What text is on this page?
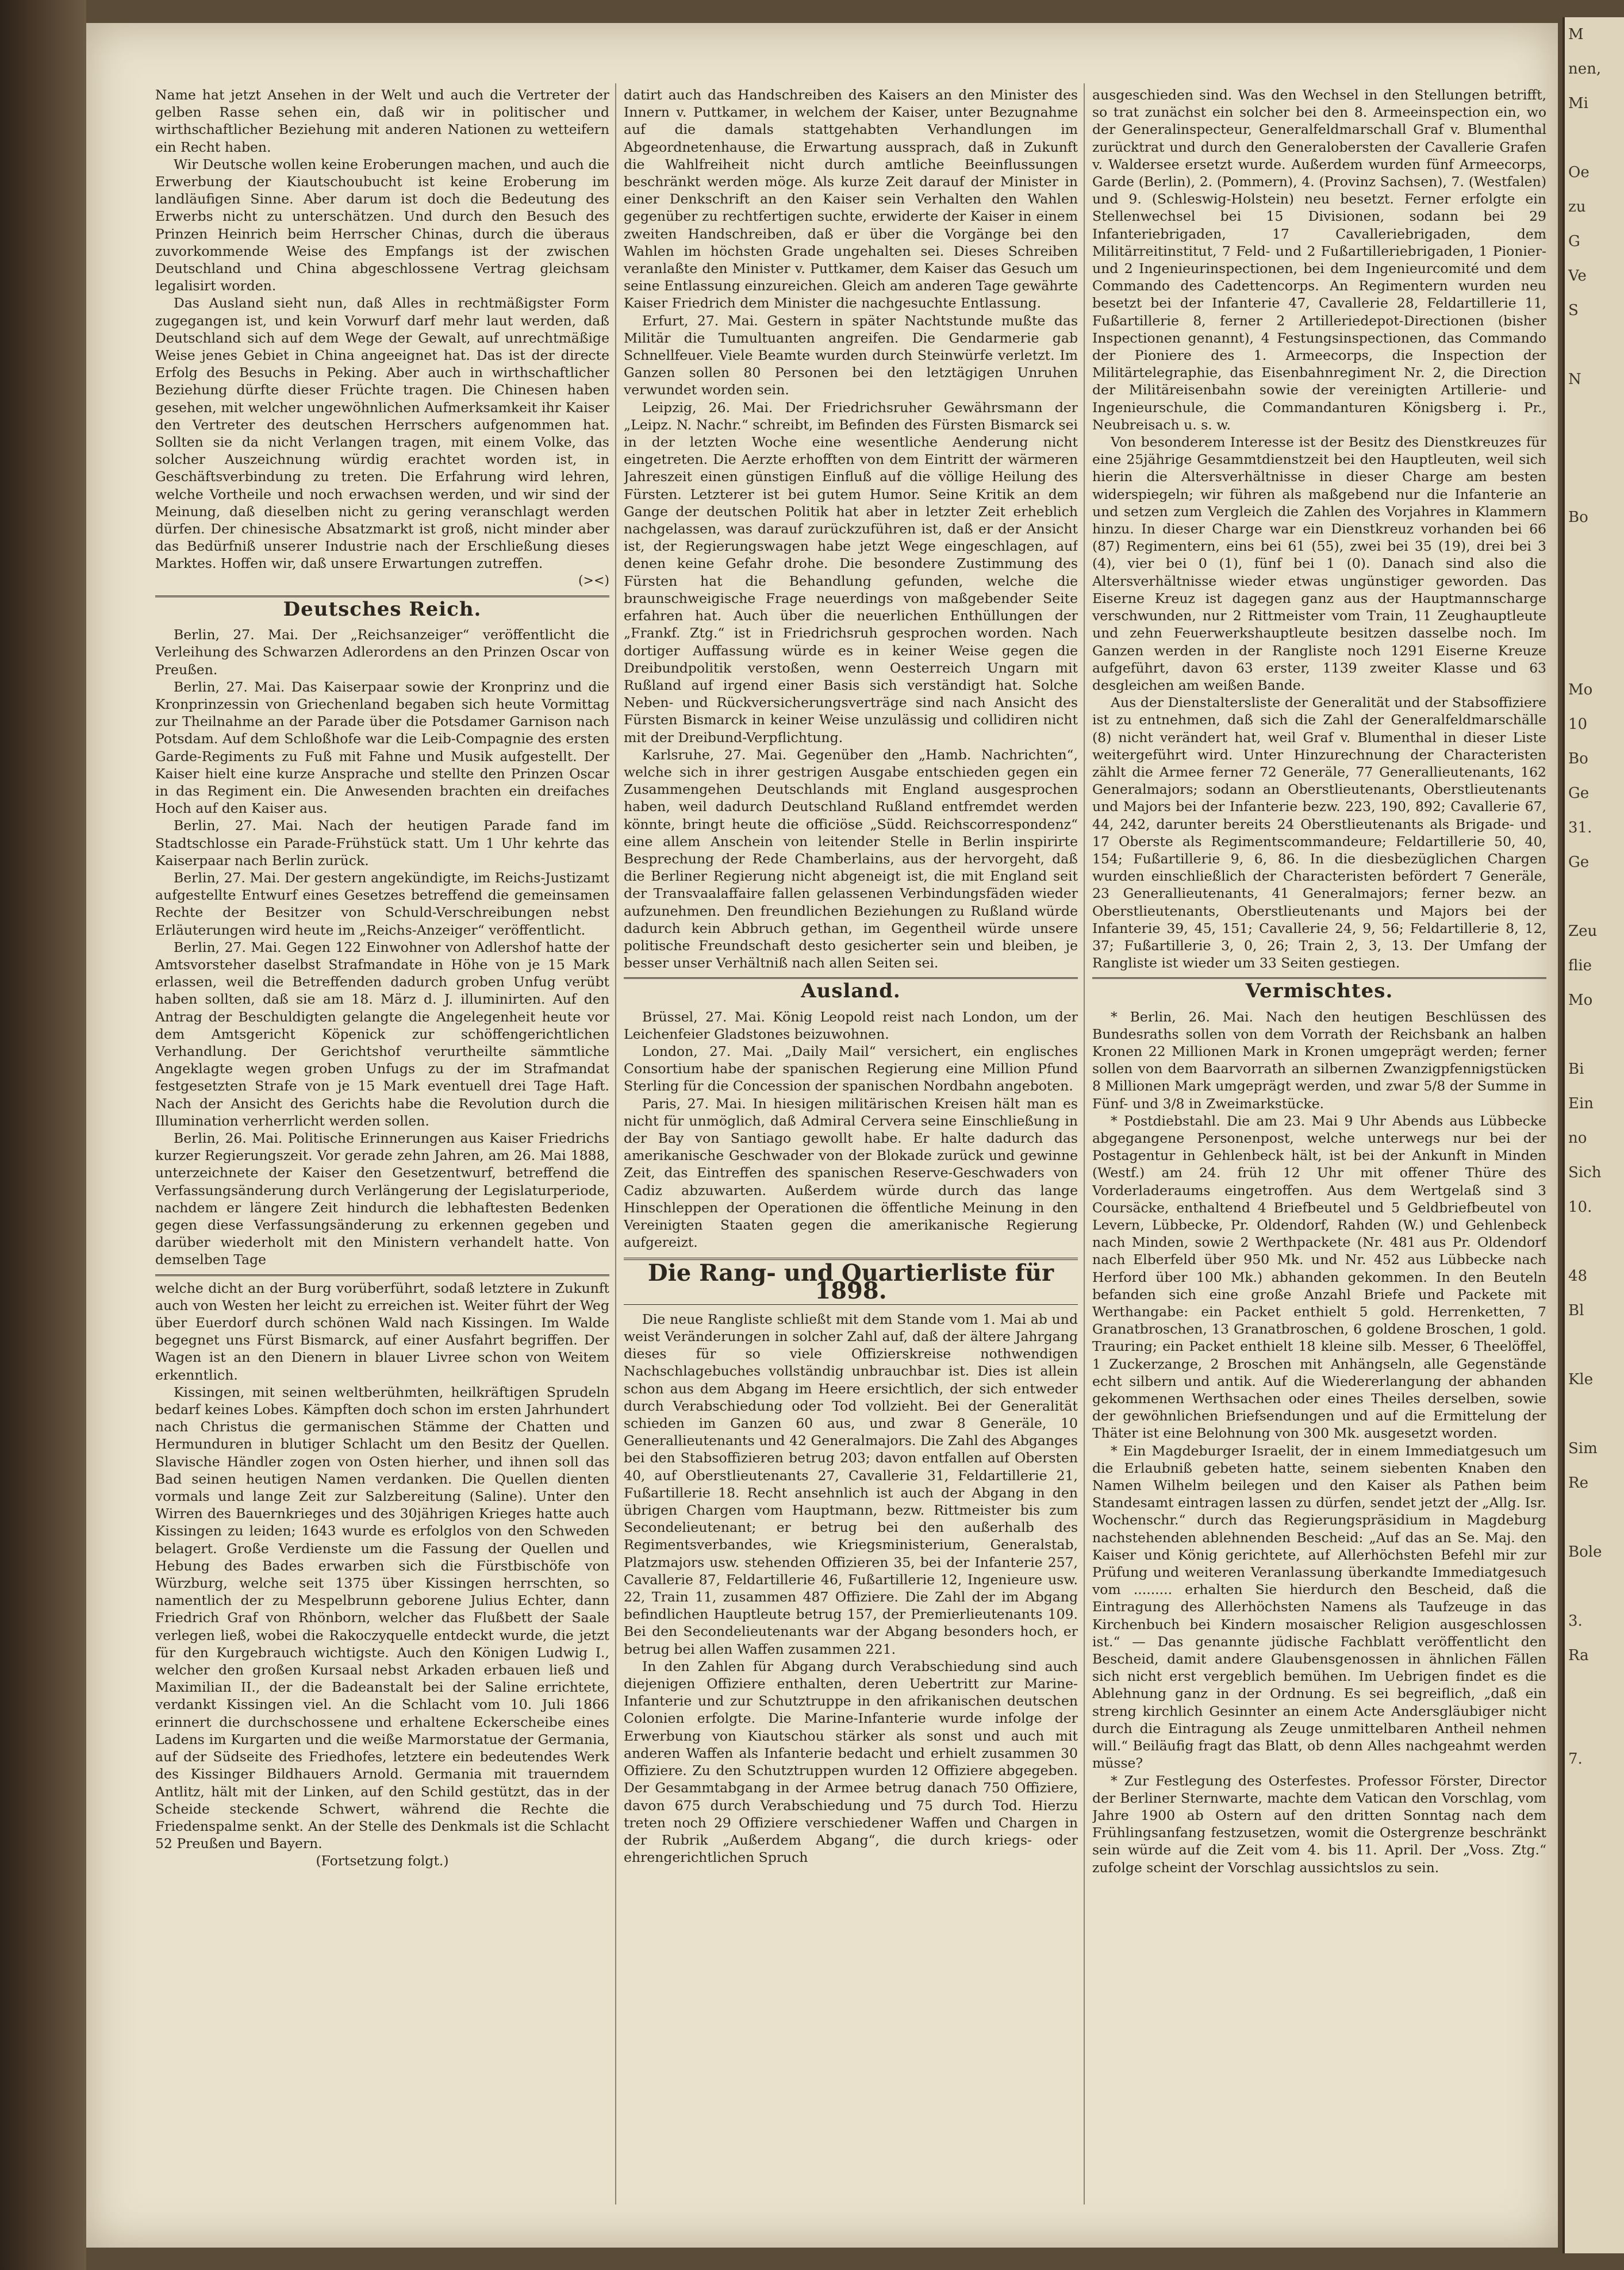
Name hat jetzt Ansehen in der Welt und auch die Vertreter der gelben Rasse sehen ein, daß wir in politischer und wirthschaftlicher Beziehung mit anderen Nationen zu wetteifern ein Recht haben.

Wir Deutsche wollen keine Eroberungen machen, und auch die Erwerbung der Kiautschoubucht ist keine Eroberung im landläufigen Sinne. Aber darum ist doch die Bedeutung des Erwerbs nicht zu unterschätzen. Und durch den Besuch des Prinzen Heinrich beim Herrscher Chinas, durch die überaus zuvorkommende Weise des Empfangs ist der zwischen Deutschland und China abgeschlossene Vertrag gleichsam legalisirt worden.

Das Ausland sieht nun, daß Alles in rechtmäßigster Form zugegangen ist, und kein Vorwurf darf mehr laut werden, daß Deutschland sich auf dem Wege der Gewalt, auf unrechtmäßige Weise jenes Gebiet in China angeeignet hat. Das ist der directe Erfolg des Besuchs in Peking. Aber auch in wirthschaftlicher Beziehung dürfte dieser Früchte tragen. Die Chinesen haben gesehen, mit welcher ungewöhnlichen Aufmerksamkeit ihr Kaiser den Vertreter des deutschen Herrschers aufgenommen hat. Sollten sie da nicht Verlangen tragen, mit einem Volke, das solcher Auszeichnung würdig erachtet worden ist, in Geschäftsverbindung zu treten. Die Erfahrung wird lehren, welche Vortheile und noch erwachsen werden, und wir sind der Meinung, daß dieselben nicht zu gering veranschlagt werden dürfen. Der chinesische Absatzmarkt ist groß, nicht minder aber das Bedürfniß unserer Industrie nach der Erschließung dieses Marktes. Hoffen wir, daß unsere Erwartungen zutreffen.

(><)
Deutsches Reich.

Berlin, 27. Mai. Der „Reichsanzeiger“ veröffentlicht die Verleihung des Schwarzen Adlerordens an den Prinzen Oscar von Preußen.

Berlin, 27. Mai. Das Kaiserpaar sowie der Kronprinz und die Kronprinzessin von Griechenland begaben sich heute Vormittag zur Theilnahme an der Parade über die Potsdamer Garnison nach Potsdam. Auf dem Schloßhofe war die Leib-Compagnie des ersten Garde-Regiments zu Fuß mit Fahne und Musik aufgestellt. Der Kaiser hielt eine kurze Ansprache und stellte den Prinzen Oscar in das Regiment ein. Die Anwesenden brachten ein dreifaches Hoch auf den Kaiser aus.

Berlin, 27. Mai. Nach der heutigen Parade fand im Stadtschlosse ein Parade-Frühstück statt. Um 1 Uhr kehrte das Kaiserpaar nach Berlin zurück.

Berlin, 27. Mai. Der gestern angekündigte, im Reichs-Justizamt aufgestellte Entwurf eines Gesetzes betreffend die gemeinsamen Rechte der Besitzer von Schuld-Verschreibungen nebst Erläuterungen wird heute im „Reichs-Anzeiger“ veröffentlicht.

Berlin, 27. Mai. Gegen 122 Einwohner von Adlershof hatte der Amtsvorsteher daselbst Strafmandate in Höhe von je 15 Mark erlassen, weil die Betreffenden dadurch groben Unfug verübt haben sollten, daß sie am 18. März d. J. illuminirten. Auf den Antrag der Beschuldigten gelangte die Angelegenheit heute vor dem Amtsgericht Köpenick zur schöffengerichtlichen Verhandlung. Der Gerichtshof verurtheilte sämmtliche Angeklagte wegen groben Unfugs zu der im Strafmandat festgesetzten Strafe von je 15 Mark eventuell drei Tage Haft. Nach der Ansicht des Gerichts habe die Revolution durch die Illumination verherrlicht werden sollen.

Berlin, 26. Mai. Politische Erinnerungen aus Kaiser Friedrichs kurzer Regierungszeit. Vor gerade zehn Jahren, am 26. Mai 1888, unterzeichnete der Kaiser den Gesetzentwurf, betreffend die Verfassungsänderung durch Verlängerung der Legislaturperiode, nachdem er längere Zeit hindurch die lebhaftesten Bedenken gegen diese Verfassungsänderung zu erkennen gegeben und darüber wiederholt mit den Ministern verhandelt hatte. Von demselben Tage

welche dicht an der Burg vorüberführt, sodaß letztere in Zukunft auch von Westen her leicht zu erreichen ist. Weiter führt der Weg über Euerdorf durch schönen Wald nach Kissingen. Im Walde begegnet uns Fürst Bismarck, auf einer Ausfahrt begriffen. Der Wagen ist an den Dienern in blauer Livree schon von Weitem erkenntlich.

Kissingen, mit seinen weltberühmten, heilkräftigen Sprudeln bedarf keines Lobes. Kämpften doch schon im ersten Jahrhundert nach Christus die germanischen Stämme der Chatten und Hermunduren in blutiger Schlacht um den Besitz der Quellen. Slavische Händler zogen von Osten hierher, und ihnen soll das Bad seinen heutigen Namen verdanken. Die Quellen dienten vormals und lange Zeit zur Salzbereitung (Saline). Unter den Wirren des Bauernkrieges und des 30jährigen Krieges hatte auch Kissingen zu leiden; 1643 wurde es erfolglos von den Schweden belagert. Große Verdienste um die Fassung der Quellen und Hebung des Bades erwarben sich die Fürstbischöfe von Würzburg, welche seit 1375 über Kissingen herrschten, so namentlich der zu Mespelbrunn geborene Julius Echter, dann Friedrich Graf von Rhönborn, welcher das Flußbett der Saale verlegen ließ, wobei die Rakoczyquelle entdeckt wurde, die jetzt für den Kurgebrauch wichtigste. Auch den Königen Ludwig I., welcher den großen Kursaal nebst Arkaden erbauen ließ und Maximilian II., der die Badeanstalt bei der Saline errichtete, verdankt Kissingen viel. An die Schlacht vom 10. Juli 1866 erinnert die durchschossene und erhaltene Eckerscheibe eines Ladens im Kurgarten und die weiße Marmorstatue der Germania, auf der Südseite des Friedhofes, letztere ein bedeutendes Werk des Kissinger Bildhauers Arnold. Germania mit trauerndem Antlitz, hält mit der Linken, auf den Schild gestützt, das in der Scheide steckende Schwert, während die Rechte die Friedenspalme senkt. An der Stelle des Denkmals ist die Schlacht 52 Preußen und Bayern.

(Fortsetzung folgt.)

datirt auch das Handschreiben des Kaisers an den Minister des Innern v. Puttkamer, in welchem der Kaiser, unter Bezugnahme auf die damals stattgehabten Verhandlungen im Abgeordnetenhause, die Erwartung aussprach, daß in Zukunft die Wahlfreiheit nicht durch amtliche Beeinflussungen beschränkt werden möge. Als kurze Zeit darauf der Minister in einer Denkschrift an den Kaiser sein Verhalten den Wahlen gegenüber zu rechtfertigen suchte, erwiderte der Kaiser in einem zweiten Handschreiben, daß er über die Vorgänge bei den Wahlen im höchsten Grade ungehalten sei. Dieses Schreiben veranlaßte den Minister v. Puttkamer, dem Kaiser das Gesuch um seine Entlassung einzureichen. Gleich am anderen Tage gewährte Kaiser Friedrich dem Minister die nachgesuchte Entlassung.

Erfurt, 27. Mai. Gestern in später Nachtstunde mußte das Militär die Tumultuanten angreifen. Die Gendarmerie gab Schnellfeuer. Viele Beamte wurden durch Steinwürfe verletzt. Im Ganzen sollen 80 Personen bei den letztägigen Unruhen verwundet worden sein.

Leipzig, 26. Mai. Der Friedrichsruher Gewährsmann der „Leipz. N. Nachr.“ schreibt, im Befinden des Fürsten Bismarck sei in der letzten Woche eine wesentliche Aenderung nicht eingetreten. Die Aerzte erhofften von dem Eintritt der wärmeren Jahreszeit einen günstigen Einfluß auf die völlige Heilung des Fürsten. Letzterer ist bei gutem Humor. Seine Kritik an dem Gange der deutschen Politik hat aber in letzter Zeit erheblich nachgelassen, was darauf zurückzuführen ist, daß er der Ansicht ist, der Regierungswagen habe jetzt Wege eingeschlagen, auf denen keine Gefahr drohe. Die besondere Zustimmung des Fürsten hat die Behandlung gefunden, welche die braunschweigische Frage neuerdings von maßgebender Seite erfahren hat. Auch über die neuerlichen Enthüllungen der „Frankf. Ztg.“ ist in Friedrichsruh gesprochen worden. Nach dortiger Auffassung würde es in keiner Weise gegen die Dreibundpolitik verstoßen, wenn Oesterreich Ungarn mit Rußland auf irgend einer Basis sich verständigt hat. Solche Neben- und Rückversicherungsverträge sind nach Ansicht des Fürsten Bismarck in keiner Weise unzulässig und collidiren nicht mit der Dreibund-Verpflichtung.

Karlsruhe, 27. Mai. Gegenüber den „Hamb. Nachrichten“, welche sich in ihrer gestrigen Ausgabe entschieden gegen ein Zusammengehen Deutschlands mit England ausgesprochen haben, weil dadurch Deutschland Rußland entfremdet werden könnte, bringt heute die officiöse „Südd. Reichscorrespondenz“ eine allem Anschein von leitender Stelle in Berlin inspirirte Besprechung der Rede Chamberlains, aus der hervorgeht, daß die Berliner Regierung nicht abgeneigt ist, die mit England seit der Transvaalaffaire fallen gelassenen Verbindungsfäden wieder aufzunehmen. Den freundlichen Beziehungen zu Rußland würde dadurch kein Abbruch gethan, im Gegentheil würde unsere politische Freundschaft desto gesicherter sein und bleiben, je besser unser Verhältniß nach allen Seiten sei.

Ausland.

Brüssel, 27. Mai. König Leopold reist nach London, um der Leichenfeier Gladstones beizuwohnen.

London, 27. Mai. „Daily Mail“ versichert, ein englisches Consortium habe der spanischen Regierung eine Million Pfund Sterling für die Concession der spanischen Nordbahn angeboten.

Paris, 27. Mai. In hiesigen militärischen Kreisen hält man es nicht für unmöglich, daß Admiral Cervera seine Einschließung in der Bay von Santiago gewollt habe. Er halte dadurch das amerikanische Geschwader von der Blokade zurück und gewinne Zeit, das Eintreffen des spanischen Reserve-Geschwaders von Cadiz abzuwarten. Außerdem würde durch das lange Hinschleppen der Operationen die öffentliche Meinung in den Vereinigten Staaten gegen die amerikanische Regierung aufgereizt.

Die Rang- und Quartierliste für 1898.

Die neue Rangliste schließt mit dem Stande vom 1. Mai ab und weist Veränderungen in solcher Zahl auf, daß der ältere Jahrgang dieses für so viele Offizierskreise nothwendigen Nachschlagebuches vollständig unbrauchbar ist. Dies ist allein schon aus dem Abgang im Heere ersichtlich, der sich entweder durch Verabschiedung oder Tod vollzieht. Bei der Generalität schieden im Ganzen 60 aus, und zwar 8 Generäle, 10 Generallieutenants und 42 Generalmajors. Die Zahl des Abganges bei den Stabsoffizieren betrug 203; davon entfallen auf Obersten 40, auf Oberstlieutenants 27, Cavallerie 31, Feldartillerie 21, Fußartillerie 18. Recht ansehnlich ist auch der Abgang in den übrigen Chargen vom Hauptmann, bezw. Rittmeister bis zum Secondelieutenant; er betrug bei den außerhalb des Regimentsverbandes, wie Kriegsministerium, Generalstab, Platzmajors usw. stehenden Offizieren 35, bei der Infanterie 257, Cavallerie 87, Feldartillerie 46, Fußartillerie 12, Ingenieure usw. 22, Train 11, zusammen 487 Offiziere. Die Zahl der im Abgang befindlichen Hauptleute betrug 157, der Premierlieutenants 109. Bei den Secondelieutenants war der Abgang besonders hoch, er betrug bei allen Waffen zusammen 221.

In den Zahlen für Abgang durch Verabschiedung sind auch diejenigen Offiziere enthalten, deren Uebertritt zur Marine-Infanterie und zur Schutztruppe in den afrikanischen deutschen Colonien erfolgte. Die Marine-Infanterie wurde infolge der Erwerbung von Kiautschou stärker als sonst und auch mit anderen Waffen als Infanterie bedacht und erhielt zusammen 30 Offiziere. Zu den Schutztruppen wurden 12 Offiziere abgegeben. Der Gesammtabgang in der Armee betrug danach 750 Offiziere, davon 675 durch Verabschiedung und 75 durch Tod. Hierzu treten noch 29 Offiziere verschiedener Waffen und Chargen in der Rubrik „Außerdem Abgang“, die durch kriegs- oder ehrengerichtlichen Spruch

ausgeschieden sind. Was den Wechsel in den Stellungen betrifft, so trat zunächst ein solcher bei den 8. Armeeinspection ein, wo der Generalinspecteur, Generalfeldmarschall Graf v. Blumenthal zurücktrat und durch den Generalobersten der Cavallerie Grafen v. Waldersee ersetzt wurde. Außerdem wurden fünf Armeecorps, Garde (Berlin), 2. (Pommern), 4. (Provinz Sachsen), 7. (Westfalen) und 9. (Schleswig-Holstein) neu besetzt. Ferner erfolgte ein Stellenwechsel bei 15 Divisionen, sodann bei 29 Infanteriebrigaden, 17 Cavalleriebrigaden, dem Militärreitinstitut, 7 Feld- und 2 Fußartilleriebrigaden, 1 Pionier- und 2 Ingenieurinspectionen, bei dem Ingenieurcomité und dem Commando des Cadettencorps. An Regimentern wurden neu besetzt bei der Infanterie 47, Cavallerie 28, Feldartillerie 11, Fußartillerie 8, ferner 2 Artilleriedepot-Directionen (bisher Inspectionen genannt), 4 Festungsinspectionen, das Commando der Pioniere des 1. Armeecorps, die Inspection der Militärtelegraphie, das Eisenbahnregiment Nr. 2, die Direction der Militäreisenbahn sowie der vereinigten Artillerie- und Ingenieurschule, die Commandanturen Königsberg i. Pr., Neubreisach u. s. w.

Von besonderem Interesse ist der Besitz des Dienstkreuzes für eine 25jährige Gesammtdienstzeit bei den Hauptleuten, weil sich hierin die Altersverhältnisse in dieser Charge am besten widerspiegeln; wir führen als maßgebend nur die Infanterie an und setzen zum Vergleich die Zahlen des Vorjahres in Klammern hinzu. In dieser Charge war ein Dienstkreuz vorhanden bei 66 (87) Regimentern, eins bei 61 (55), zwei bei 35 (19), drei bei 3 (4), vier bei 0 (1), fünf bei 1 (0). Danach sind also die Altersverhältnisse wieder etwas ungünstiger geworden. Das Eiserne Kreuz ist dagegen ganz aus der Hauptmannscharge verschwunden, nur 2 Rittmeister vom Train, 11 Zeughauptleute und zehn Feuerwerkshauptleute besitzen dasselbe noch. Im Ganzen werden in der Rangliste noch 1291 Eiserne Kreuze aufgeführt, davon 63 erster, 1139 zweiter Klasse und 63 desgleichen am weißen Bande.

Aus der Dienstaltersliste der Generalität und der Stabsoffiziere ist zu entnehmen, daß sich die Zahl der Generalfeldmarschälle (8) nicht verändert hat, weil Graf v. Blumenthal in dieser Liste weitergeführt wird. Unter Hinzurechnung der Characteristen zählt die Armee ferner 72 Generäle, 77 Generallieutenants, 162 Generalmajors; sodann an Oberstlieutenants, Oberstlieutenants und Majors bei der Infanterie bezw. 223, 190, 892; Cavallerie 67, 44, 242, darunter bereits 24 Oberstlieutenants als Brigade- und 17 Oberste als Regimentscommandeure; Feldartillerie 50, 40, 154; Fußartillerie 9, 6, 86. In die diesbezüglichen Chargen wurden einschließlich der Characteristen befördert 7 Generäle, 23 Generallieutenants, 41 Generalmajors; ferner bezw. an Oberstlieutenants, Oberstlieutenants und Majors bei der Infanterie 39, 45, 151; Cavallerie 24, 9, 56; Feldartillerie 8, 12, 37; Fußartillerie 3, 0, 26; Train 2, 3, 13. Der Umfang der Rangliste ist wieder um 33 Seiten gestiegen.

Vermischtes.

* Berlin, 26. Mai. Nach den heutigen Beschlüssen des Bundesraths sollen von dem Vorrath der Reichsbank an halben Kronen 22 Millionen Mark in Kronen umgeprägt werden; ferner sollen von dem Baarvorrath an silbernen Zwanzigpfennigstücken 8 Millionen Mark umgeprägt werden, und zwar 5/8 der Summe in Fünf- und 3/8 in Zweimarkstücke.

* Postdiebstahl. Die am 23. Mai 9 Uhr Abends aus Lübbecke abgegangene Personenpost, welche unterwegs nur bei der Postagentur in Gehlenbeck hält, ist bei der Ankunft in Minden (Westf.) am 24. früh 12 Uhr mit offener Thüre des Vorderladeraums eingetroffen. Aus dem Wertgelaß sind 3 Coursäcke, enthaltend 4 Briefbeutel und 5 Geldbriefbeutel von Levern, Lübbecke, Pr. Oldendorf, Rahden (W.) und Gehlenbeck nach Minden, sowie 2 Werthpackete (Nr. 481 aus Pr. Oldendorf nach Elberfeld über 950 Mk. und Nr. 452 aus Lübbecke nach Herford über 100 Mk.) abhanden gekommen. In den Beuteln befanden sich eine große Anzahl Briefe und Packete mit Werthangabe: ein Packet enthielt 5 gold. Herrenketten, 7 Granatbroschen, 13 Granatbroschen, 6 goldene Broschen, 1 gold. Trauring; ein Packet enthielt 18 kleine silb. Messer, 6 Theelöffel, 1 Zuckerzange, 2 Broschen mit Anhängseln, alle Gegenstände echt silbern und antik. Auf die Wiedererlangung der abhanden gekommenen Werthsachen oder eines Theiles derselben, sowie der gewöhnlichen Briefsendungen und auf die Ermittelung der Thäter ist eine Belohnung von 300 Mk. ausgesetzt worden.

* Ein Magdeburger Israelit, der in einem Immediatgesuch um die Erlaubniß gebeten hatte, seinem siebenten Knaben den Namen Wilhelm beilegen und den Kaiser als Pathen beim Standesamt eintragen lassen zu dürfen, sendet jetzt der „Allg. Isr. Wochenschr.“ durch das Regierungspräsidium in Magdeburg nachstehenden ablehnenden Bescheid: „Auf das an Se. Maj. den Kaiser und König gerichtete, auf Allerhöchsten Befehl mir zur Prüfung und weiteren Veranlassung überkandte Immediatgesuch vom ......... erhalten Sie hierdurch den Bescheid, daß die Eintragung des Allerhöchsten Namens als Taufzeuge in das Kirchenbuch bei Kindern mosaischer Religion ausgeschlossen ist.“ — Das genannte jüdische Fachblatt veröffentlicht den Bescheid, damit andere Glaubensgenossen in ähnlichen Fällen sich nicht erst vergeblich bemühen. Im Uebrigen findet es die Ablehnung ganz in der Ordnung. Es sei begreiflich, „daß ein streng kirchlich Gesinnter an einem Acte Andersgläubiger nicht durch die Eintragung als Zeuge unmittelbaren Antheil nehmen will.“ Beiläufig fragt das Blatt, ob denn Alles nachgeahmt werden müsse?

* Zur Festlegung des Osterfestes. Professor Förster, Director der Berliner Sternwarte, machte dem Vatican den Vorschlag, vom Jahre 1900 ab Ostern auf den dritten Sonntag nach dem Frühlingsanfang festzusetzen, womit die Ostergrenze beschränkt sein würde auf die Zeit vom 4. bis 11. April. Der „Voss. Ztg.“ zufolge scheint der Vorschlag aussichtslos zu sein.

M
nen,
Mi

Oe
zu
G
Ve
S

N

Bo

Mo
10
Bo
Ge
31.
Ge

Zeu
flie
Mo

Bi
Ein
no
Sich
10.

48
Bl

Kle

Sim
Re

Bole

3.
Ra

7.
